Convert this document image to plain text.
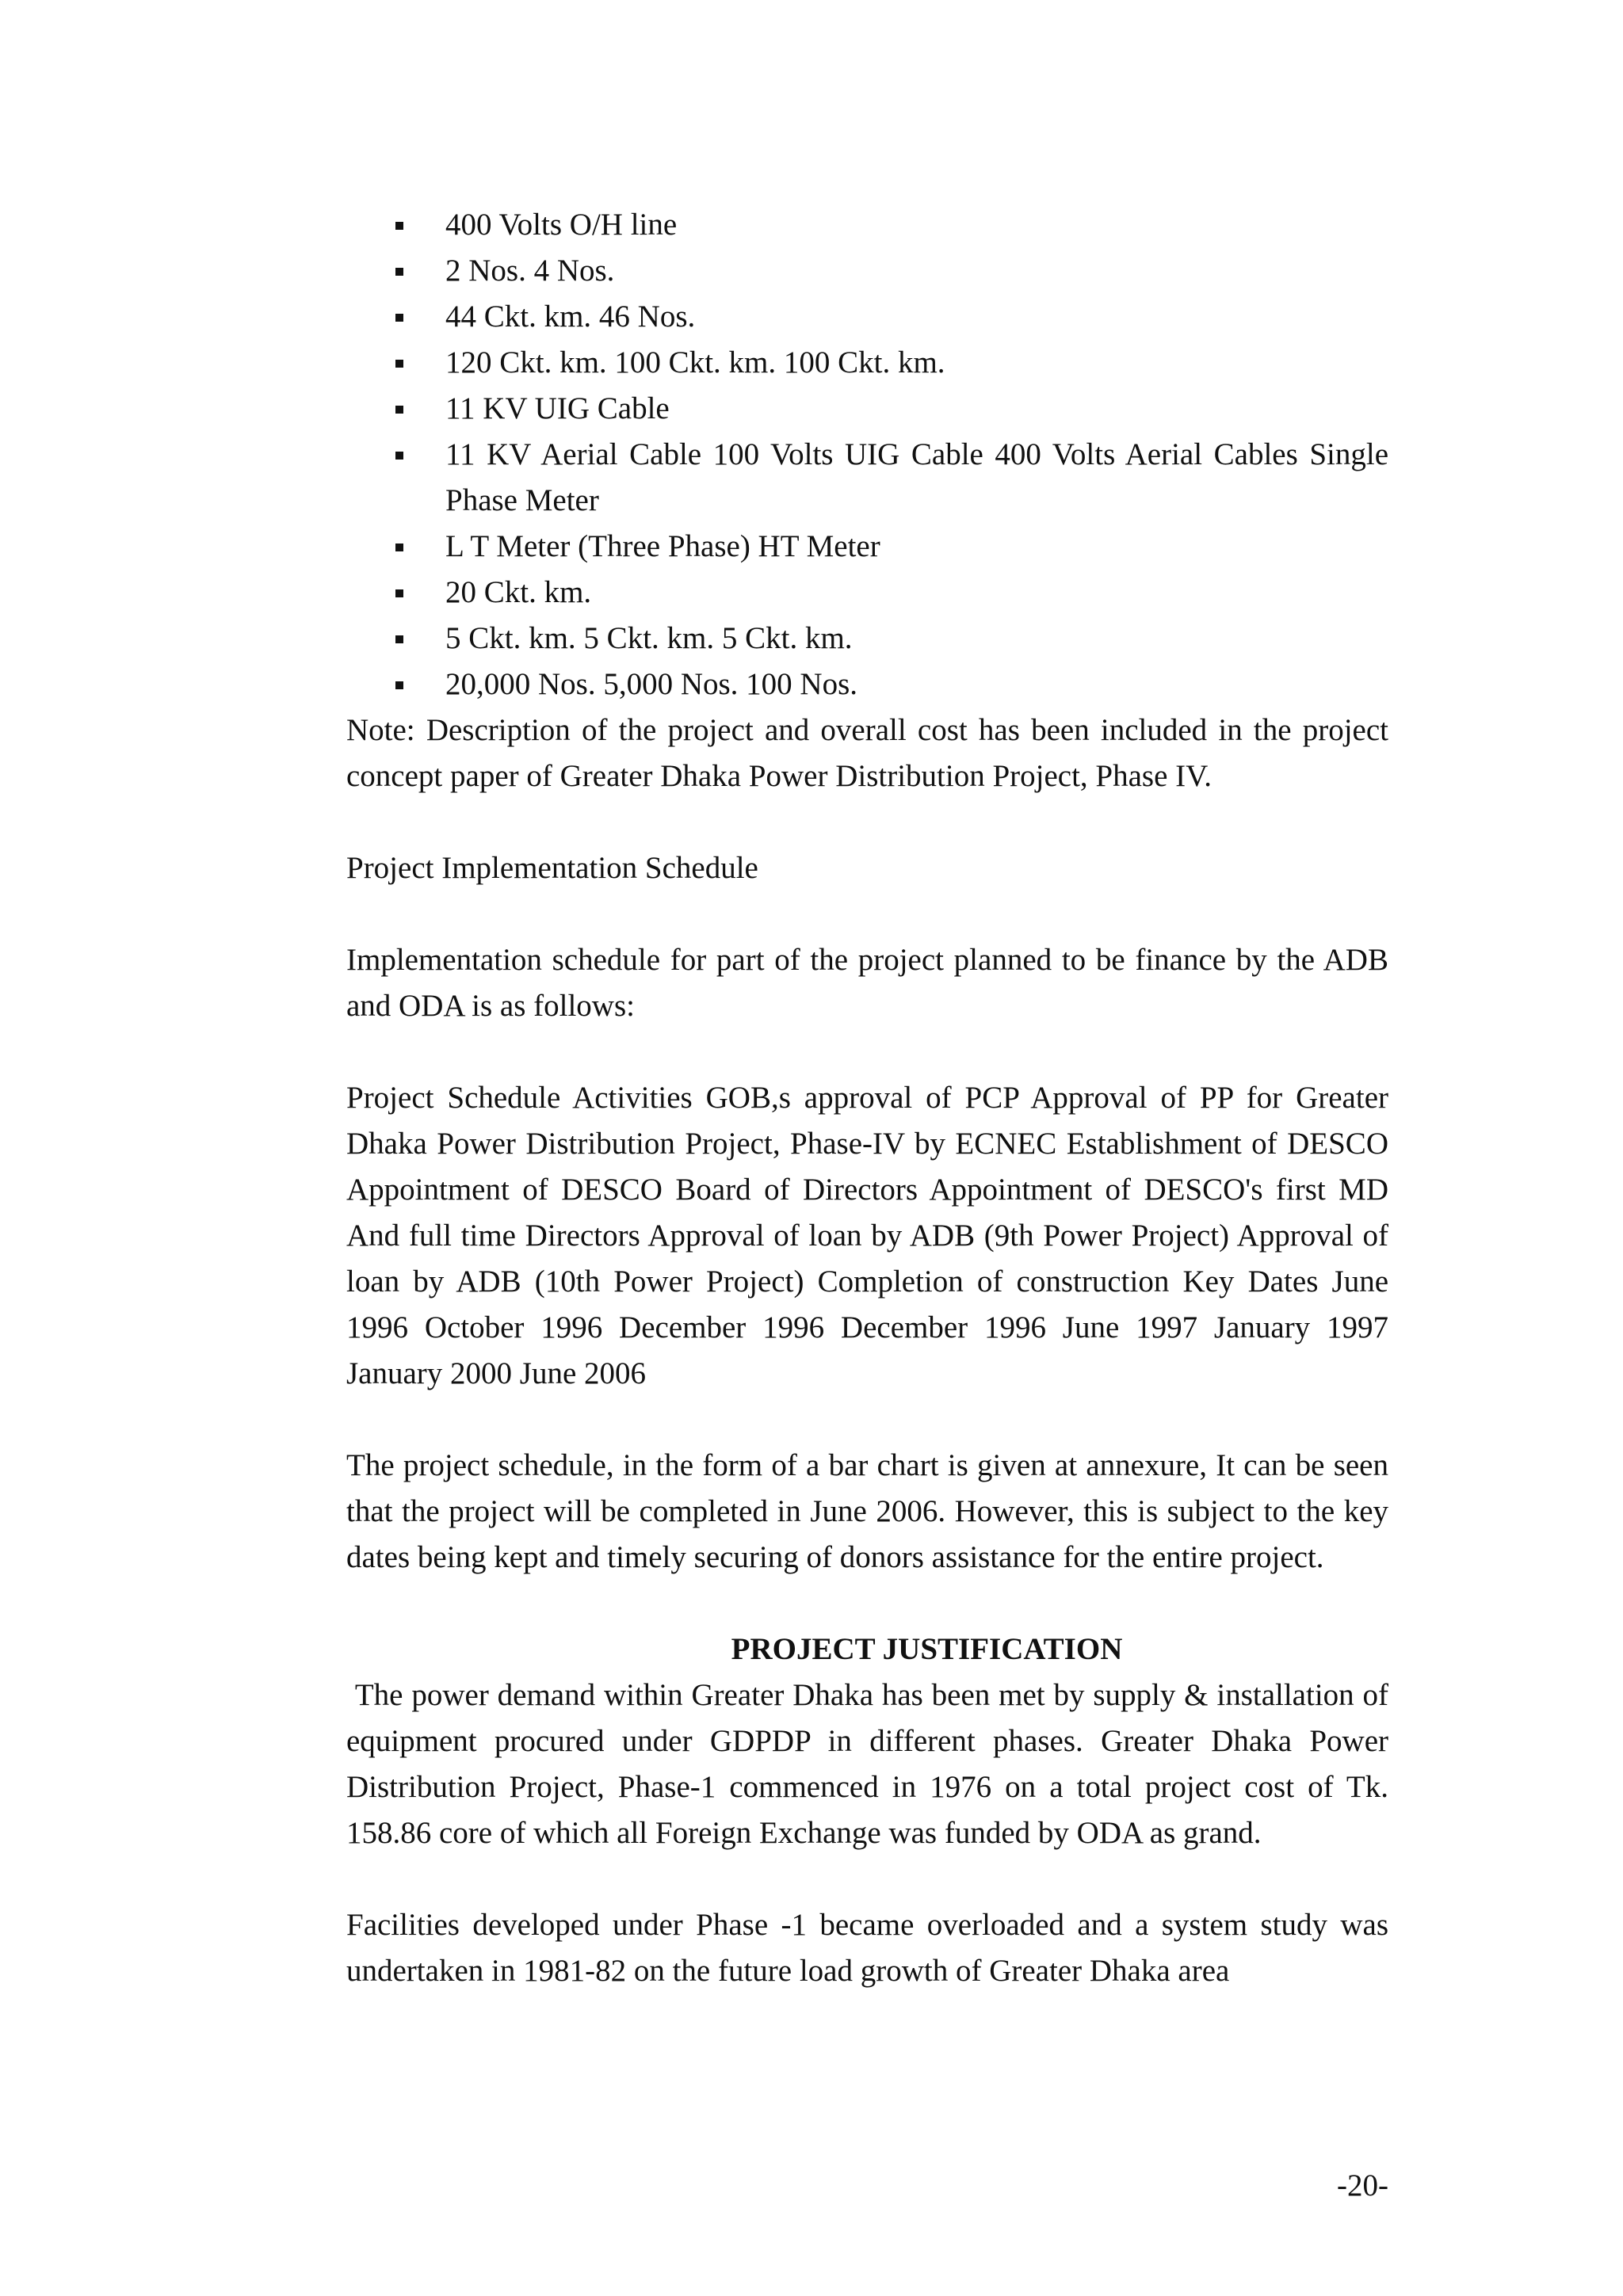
400 Volts O/H line
2 Nos. 4 Nos.
44 Ckt. km. 46 Nos.
120 Ckt. km. 100 Ckt. km. 100 Ckt. km.
11 KV UIG Cable
11 KV Aerial Cable 100 Volts UIG Cable 400 Volts Aerial Cables Single Phase Meter
L T Meter (Three Phase) HT Meter
20 Ckt. km.
5 Ckt. km. 5 Ckt. km. 5 Ckt. km.
20,000 Nos. 5,000 Nos. 100 Nos.

Note: Description of the project and overall cost has been included in the project concept paper of Greater Dhaka Power Distribution Project, Phase IV.

Project Implementation Schedule

Implementation schedule for part of the project planned to be finance by the ADB and ODA is as follows:

Project Schedule Activities GOB,s approval of PCP Approval of PP for Greater Dhaka Power Distribution Project, Phase-IV by ECNEC Establishment of DESCO Appointment of DESCO Board of Directors Appointment of DESCO's first MD And full time Directors Approval of loan by ADB (9th Power Project) Approval of loan by ADB (10th Power Project) Completion of construction Key Dates June 1996 October 1996 December 1996 December 1996 June 1997 January 1997 January 2000 June 2006

The project schedule, in the form of a bar chart is given at annexure, It can be seen that the project will be completed in June 2006. However, this is subject to the key dates being kept and timely securing of donors assistance for the entire project.

PROJECT JUSTIFICATION

The power demand within Greater Dhaka has been met by supply & installation of equipment procured under GDPDP in different phases. Greater Dhaka Power Distribution Project, Phase-1 commenced in 1976 on a total project cost of Tk. 158.86 core of which all Foreign Exchange was funded by ODA as grand.

Facilities developed under Phase -1 became overloaded and a system study was undertaken in 1981-82 on the future load growth of Greater Dhaka area

-20-
